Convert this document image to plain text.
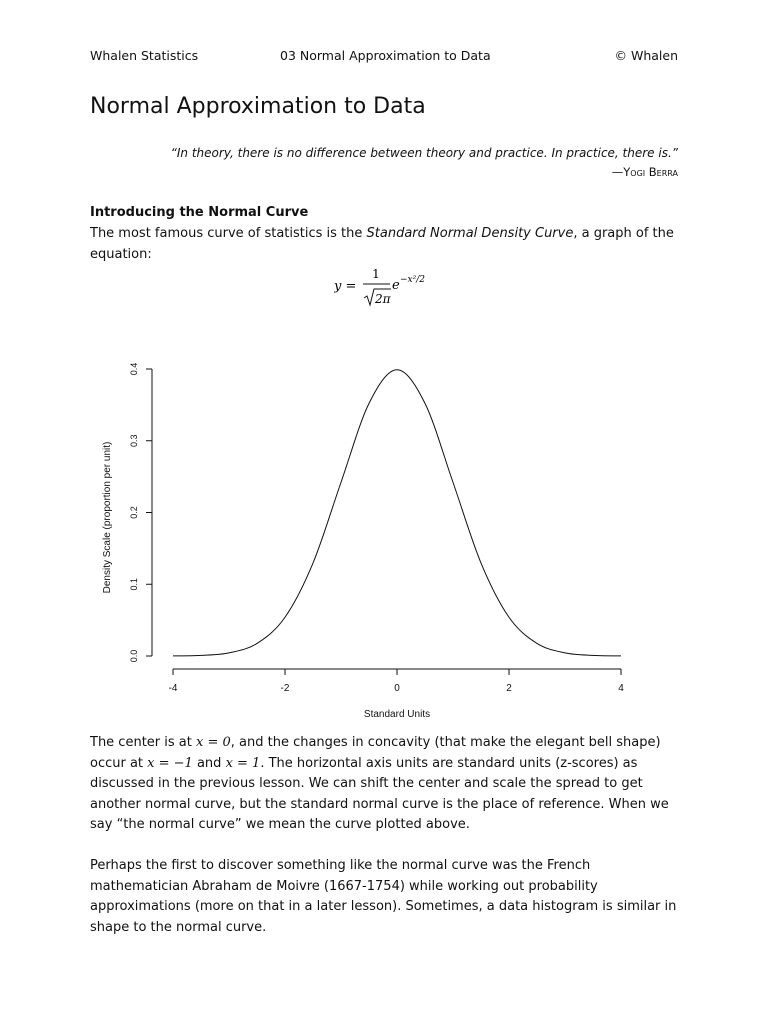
Whalen Statistics	03 Normal Approximation to Data	© Whalen
Normal Approximation to Data
“In theory, there is no difference between theory and practice. In practice, there is.”
—Yogi Berra
Introducing the Normal Curve

The most famous curve of statistics is the Standard Normal Density Curve, a graph of the equation:

y =
1
2π
e −x²/2
-4	-2	0	2	4
Standard Units
0.0
0.1
0.2
0.3
0.4
Density Scale (proportion per unit)

The center is at x = 0, and the changes in concavity (that make the elegant bell shape) occur at x = −1 and x = 1. The horizontal axis units are standard units (z-scores) as discussed in the previous lesson. We can shift the center and scale the spread to get another normal curve, but the standard normal curve is the place of reference. When we say “the normal curve” we mean the curve plotted above.

Perhaps the first to discover something like the normal curve was the French mathematician Abraham de Moivre (1667-1754) while working out probability approximations (more on that in a later lesson). Sometimes, a data histogram is similar in shape to the normal curve.
